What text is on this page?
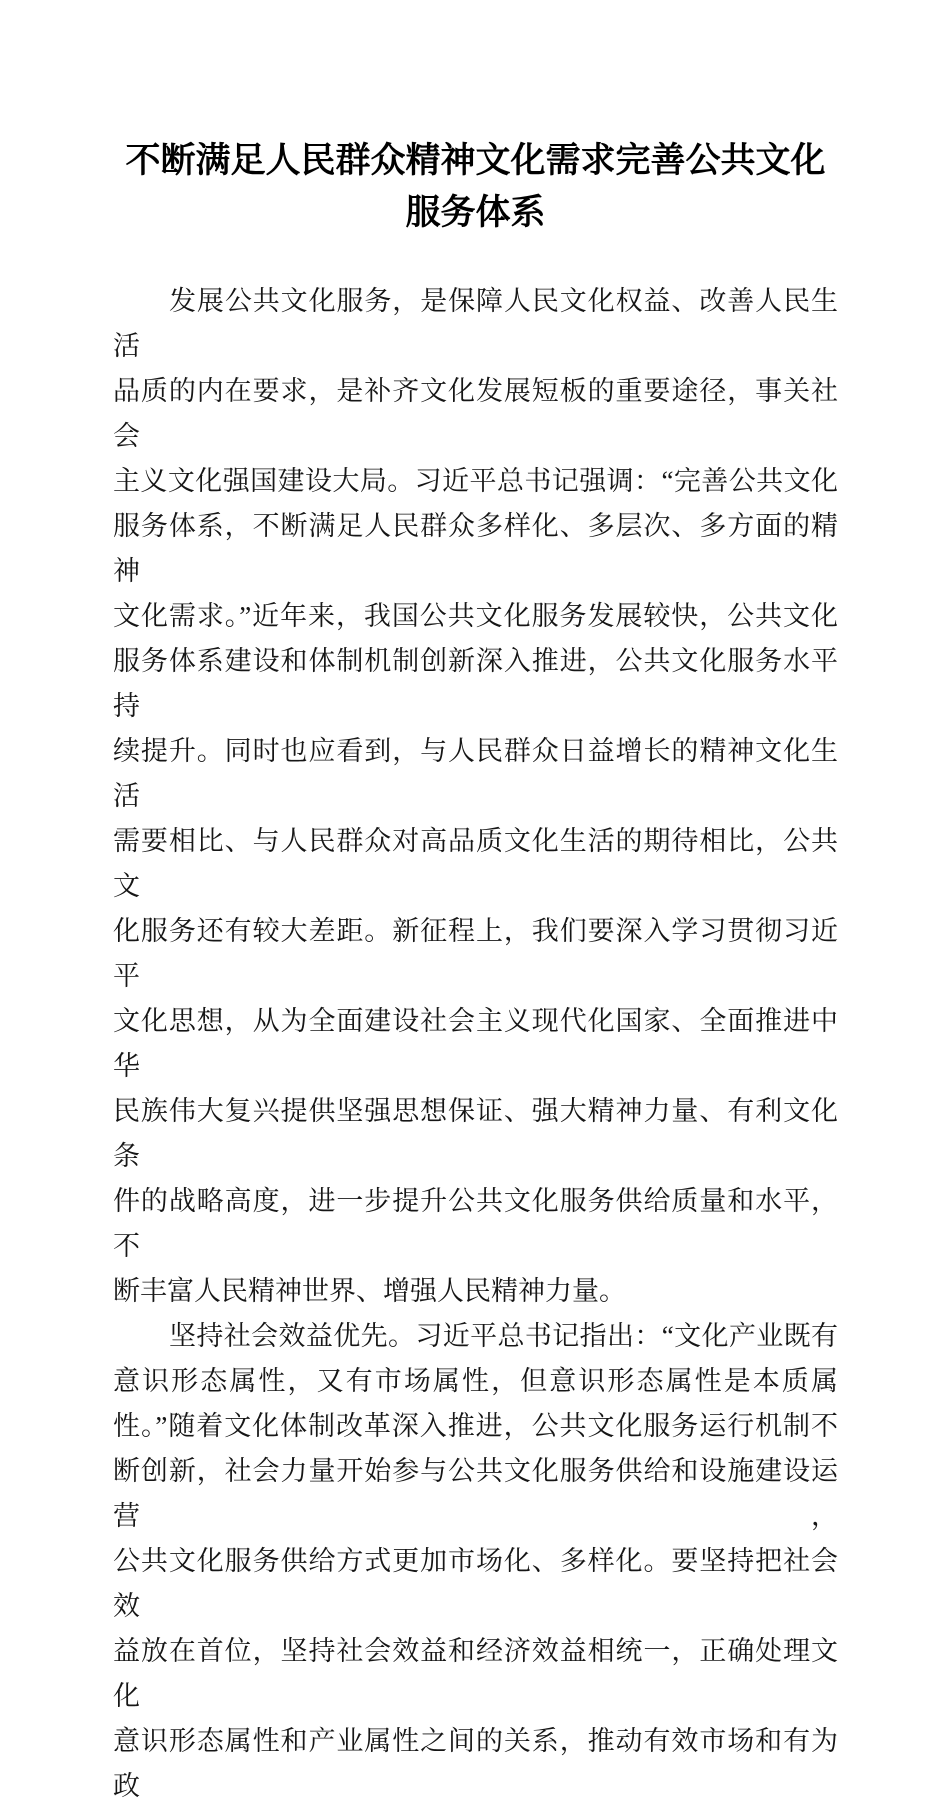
不断满足人民群众精神文化需求完善公共文化服务体系
发展公共文化服务，是保障人民文化权益、改善人民生活
品质的内在要求，是补齐文化发展短板的重要途径，事关社会
主义文化强国建设大局。习近平总书记强调：“完善公共文化
服务体系，不断满足人民群众多样化、多层次、多方面的精神
文化需求。”近年来，我国公共文化服务发展较快，公共文化
服务体系建设和体制机制创新深入推进，公共文化服务水平持
续提升。同时也应看到，与人民群众日益增长的精神文化生活
需要相比、与人民群众对高品质文化生活的期待相比，公共文
化服务还有较大差距。新征程上，我们要深入学习贯彻习近平
文化思想，从为全面建设社会主义现代化国家、全面推进中华
民族伟大复兴提供坚强思想保证、强大精神力量、有利文化条
件的战略高度，进一步提升公共文化服务供给质量和水平，不
断丰富人民精神世界、增强人民精神力量。
坚持社会效益优先。习近平总书记指出：“文化产业既有
意识形态属性，又有市场属性，但意识形态属性是本质属
性。”随着文化体制改革深入推进，公共文化服务运行机制不
断创新，社会力量开始参与公共文化服务供给和设施建设运营，
公共文化服务供给方式更加市场化、多样化。要坚持把社会效
益放在首位，坚持社会效益和经济效益相统一，正确处理文化
意识形态属性和产业属性之间的关系，推动有效市场和有为政
